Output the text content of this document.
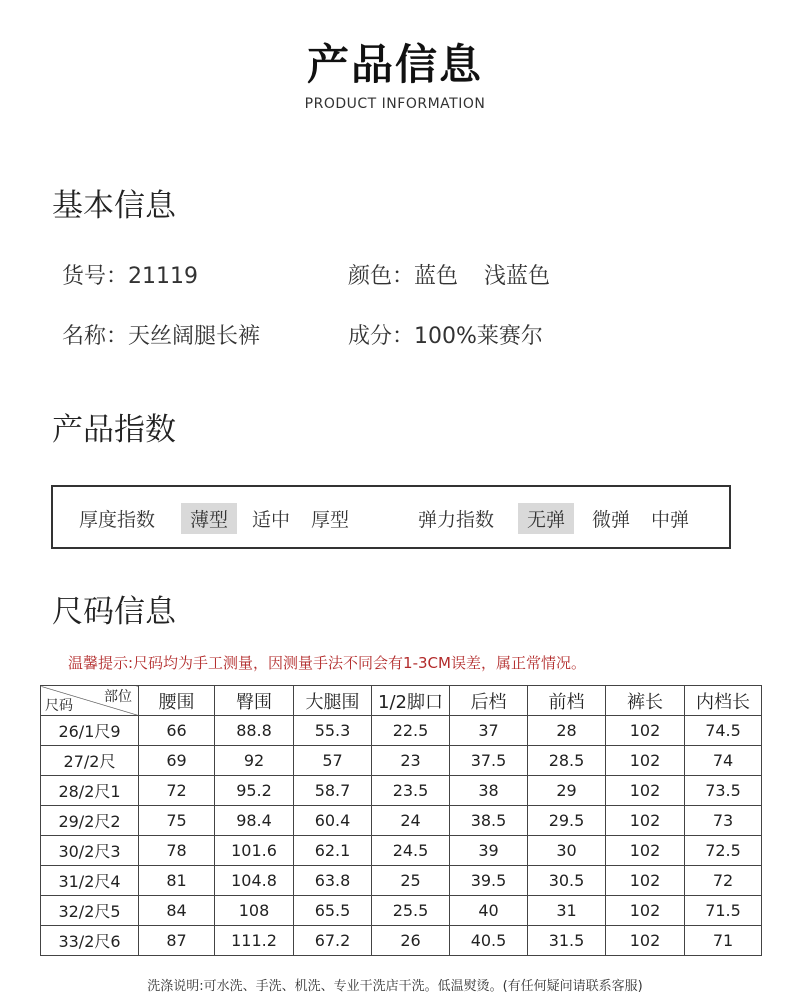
产品信息
PRODUCT INFORMATION
基本信息
货号：21119	颜色：蓝色 浅蓝色
名称：天丝阔腿长裤	成分：100%莱赛尔
产品指数
厚度指数	薄型	适中 厚型	弹力指数	无弹	微弹 中弹
尺码信息
温馨提示:尺码均为手工测量，因测量手法不同会有1-3CM误差，属正常情况。
部位
尺码	腰围	臀围	大腿围	1/2脚口	后档	前档	裤长	内档长
26/1尺9	66	88.8	55.3	22.5	37	28	102	74.5
27/2尺	69	92	57	23	37.5	28.5	102	74
28/2尺1	72	95.2	58.7	23.5	38	29	102	73.5
29/2尺2	75	98.4	60.4	24	38.5	29.5	102	73
30/2尺3	78	101.6	62.1	24.5	39	30	102	72.5
31/2尺4	81	104.8	63.8	25	39.5	30.5	102	72
32/2尺5	84	108	65.5	25.5	40	31	102	71.5
33/2尺6	87	111.2	67.2	26	40.5	31.5	102	71
洗涤说明:可水洗、手洗、机洗、专业干洗店干洗。低温熨烫。(有任何疑问请联系客服)
